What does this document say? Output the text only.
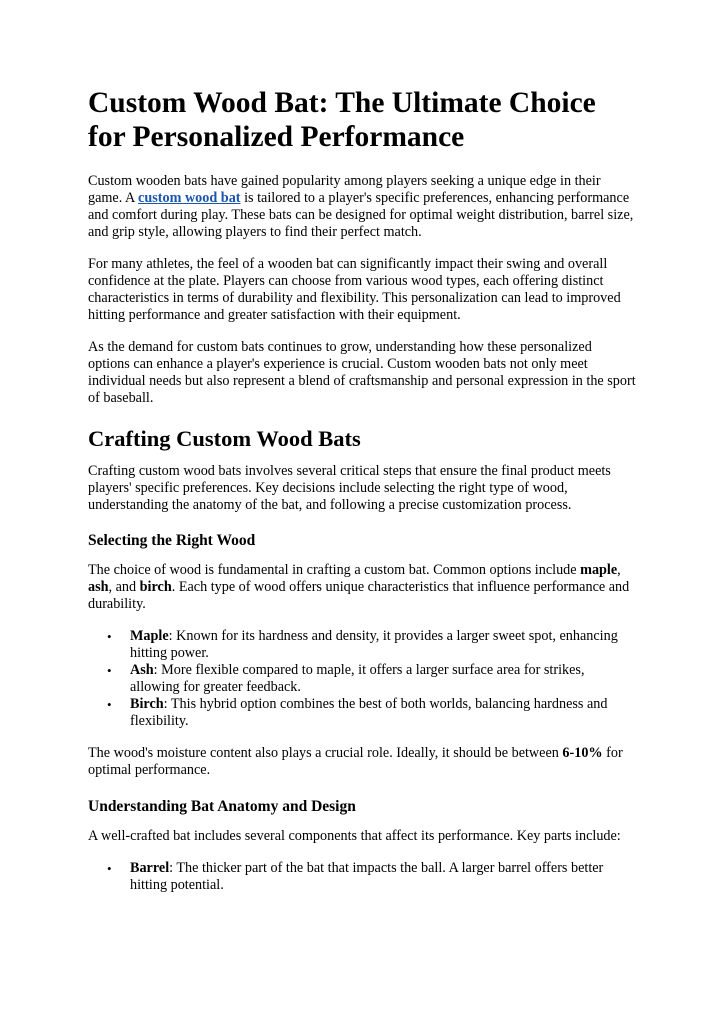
Custom Wood Bat: The Ultimate Choice for Personalized Performance

Custom wooden bats have gained popularity among players seeking a unique edge in their game. A custom wood bat is tailored to a player's specific preferences, enhancing performance and comfort during play. These bats can be designed for optimal weight distribution, barrel size, and grip style, allowing players to find their perfect match.

For many athletes, the feel of a wooden bat can significantly impact their swing and overall confidence at the plate. Players can choose from various wood types, each offering distinct characteristics in terms of durability and flexibility. This personalization can lead to improved hitting performance and greater satisfaction with their equipment.

As the demand for custom bats continues to grow, understanding how these personalized options can enhance a player's experience is crucial. Custom wooden bats not only meet individual needs but also represent a blend of craftsmanship and personal expression in the sport of baseball.

Crafting Custom Wood Bats

Crafting custom wood bats involves several critical steps that ensure the final product meets players' specific preferences. Key decisions include selecting the right type of wood, understanding the anatomy of the bat, and following a precise customization process.

Selecting the Right Wood

The choice of wood is fundamental in crafting a custom bat. Common options include maple, ash, and birch. Each type of wood offers unique characteristics that influence performance and durability.

• Maple: Known for its hardness and density, it provides a larger sweet spot, enhancing hitting power.
• Ash: More flexible compared to maple, it offers a larger surface area for strikes, allowing for greater feedback.
• Birch: This hybrid option combines the best of both worlds, balancing hardness and flexibility.

The wood's moisture content also plays a crucial role. Ideally, it should be between 6-10% for optimal performance.

Understanding Bat Anatomy and Design

A well-crafted bat includes several components that affect its performance. Key parts include:

• Barrel: The thicker part of the bat that impacts the ball. A larger barrel offers better hitting potential.
